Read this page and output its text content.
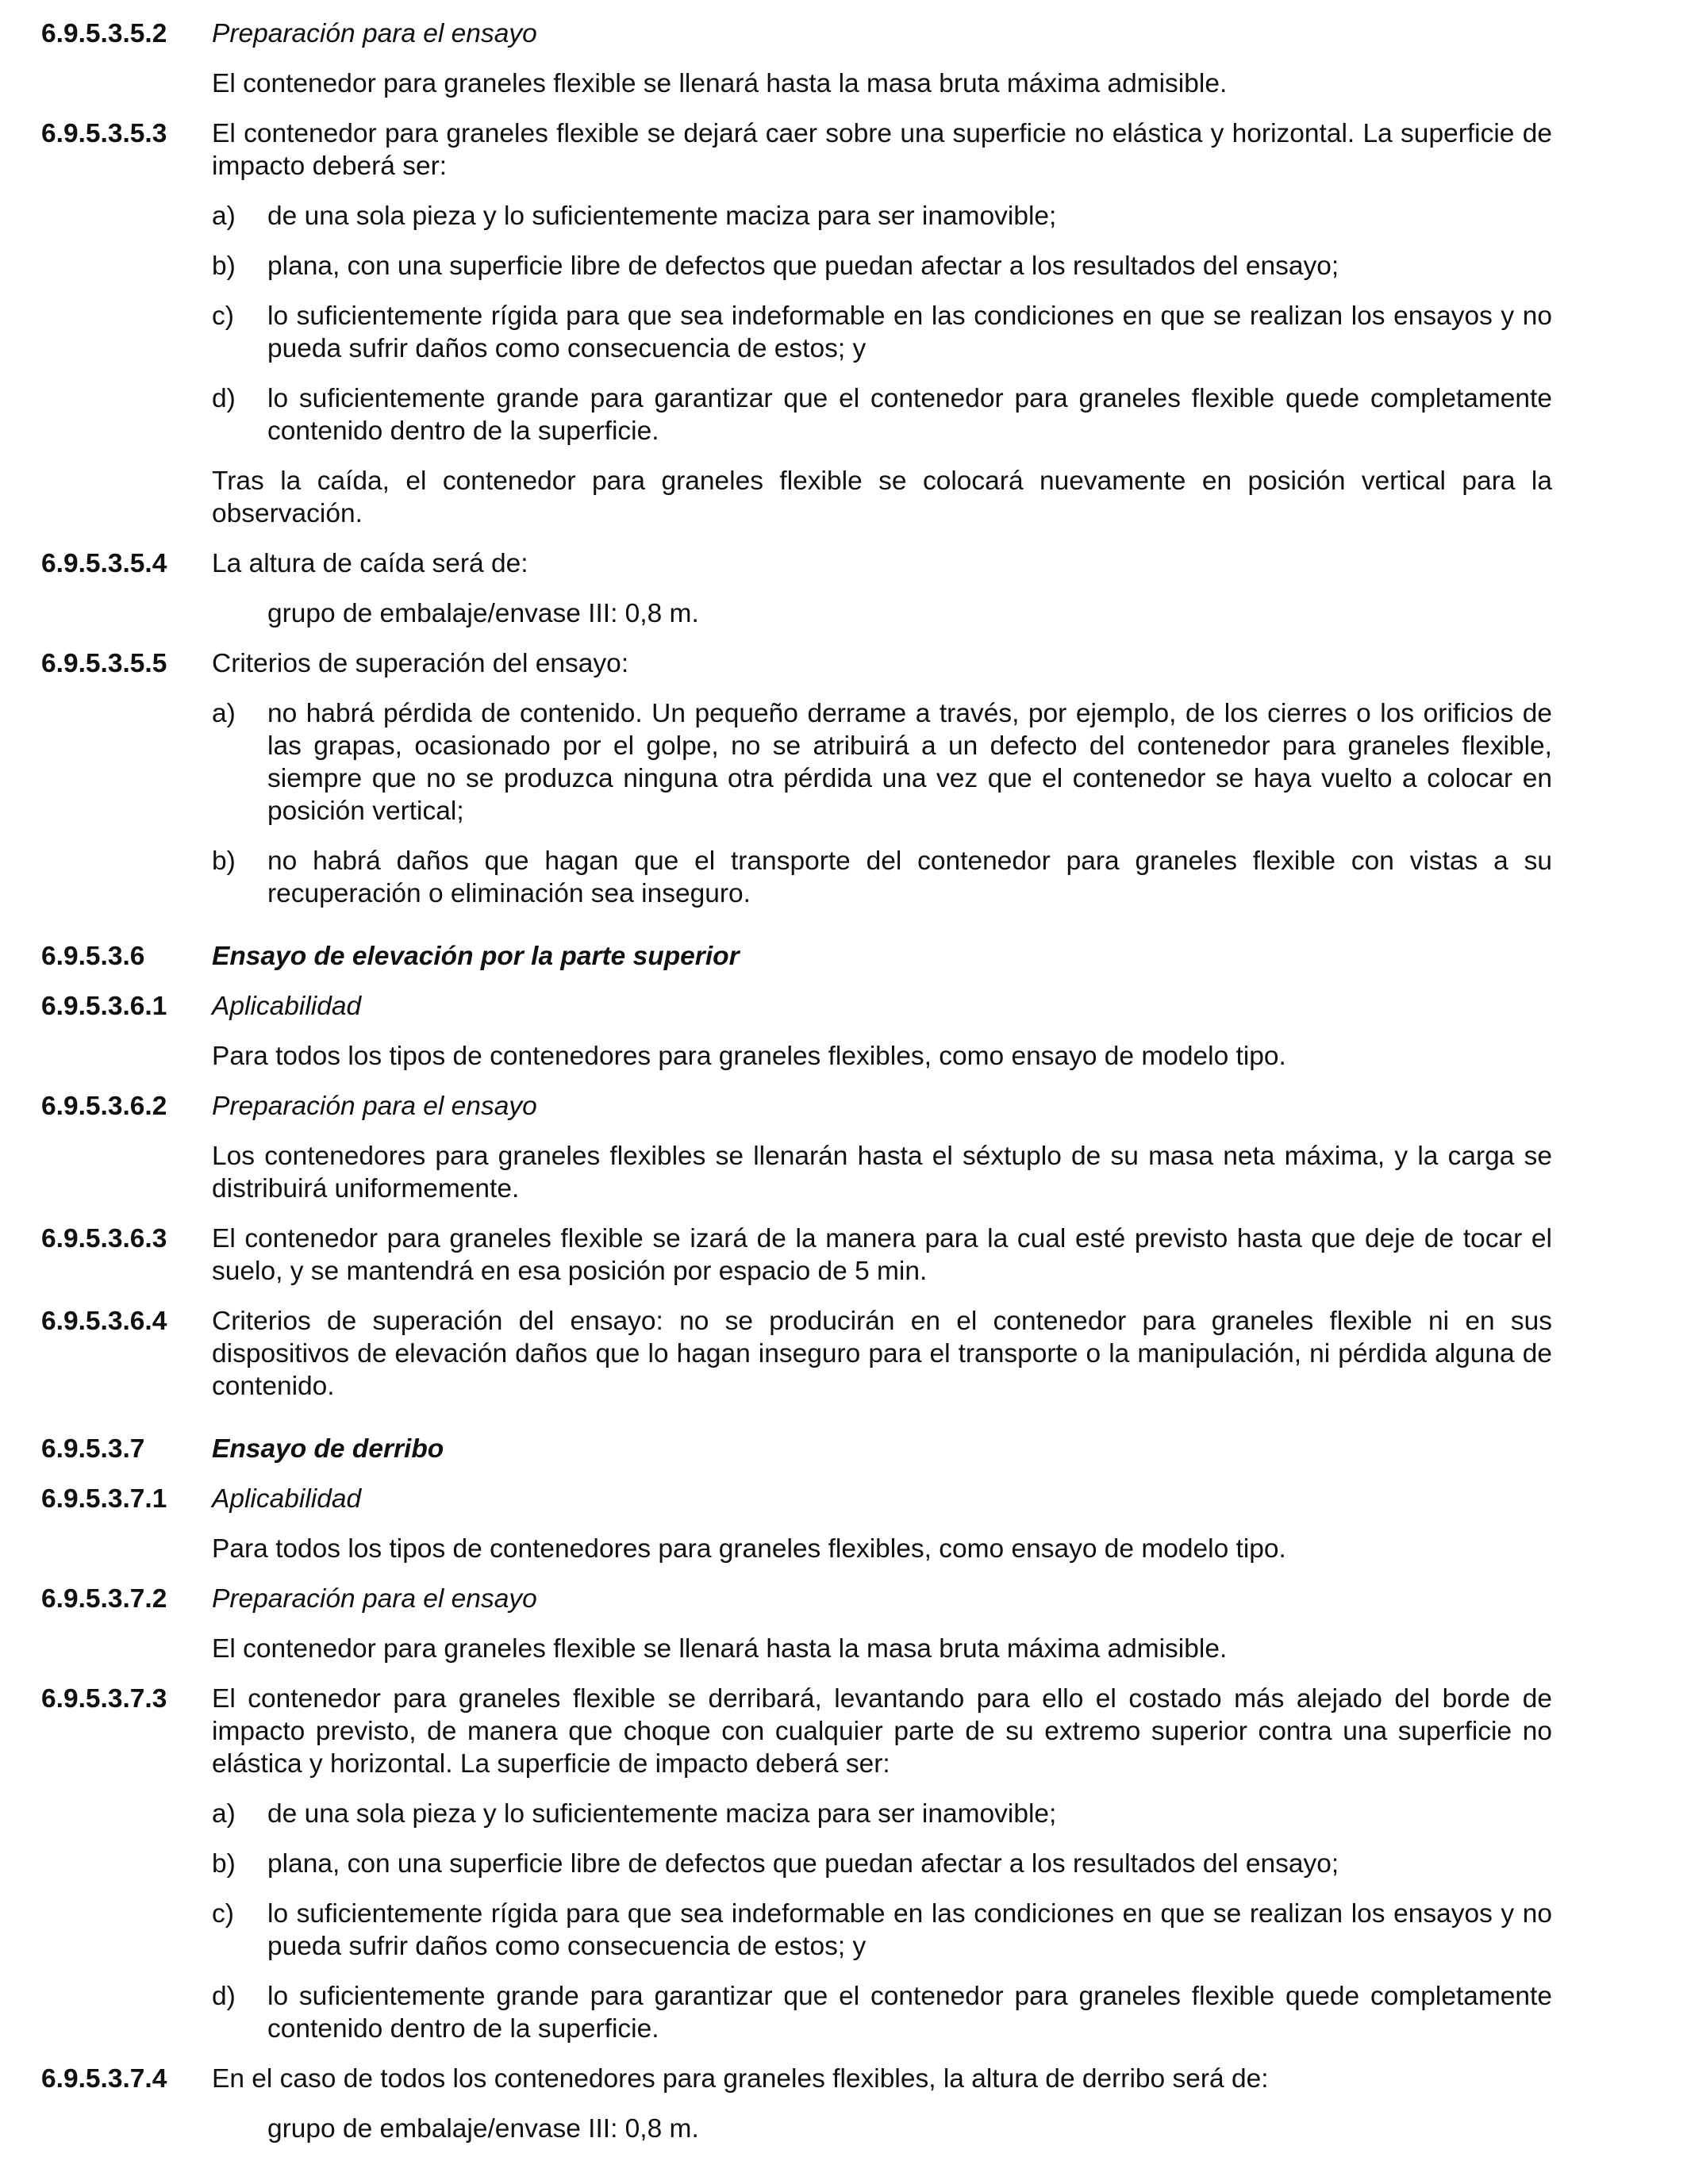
6.9.5.3.5.2	Preparación para el ensayo
El contenedor para graneles flexible se llenará hasta la masa bruta máxima admisible.
6.9.5.3.5.3	El contenedor para graneles flexible se dejará caer sobre una superficie no elástica y horizontal. La superficie de impacto deberá ser:
a)	de una sola pieza y lo suficientemente maciza para ser inamovible;
b)	plana, con una superficie libre de defectos que puedan afectar a los resultados del ensayo;
c)	lo suficientemente rígida para que sea indeformable en las condiciones en que se realizan los ensayos y no pueda sufrir daños como consecuencia de estos; y
d)	lo suficientemente grande para garantizar que el contenedor para graneles flexible quede completamente contenido dentro de la superficie.
Tras la caída, el contenedor para graneles flexible se colocará nuevamente en posición vertical para la observación.
6.9.5.3.5.4	La altura de caída será de:
grupo de embalaje/envase III: 0,8 m.
6.9.5.3.5.5	Criterios de superación del ensayo:
a)	no habrá pérdida de contenido. Un pequeño derrame a través, por ejemplo, de los cierres o los orificios de las grapas, ocasionado por el golpe, no se atribuirá a un defecto del contenedor para graneles flexible, siempre que no se produzca ninguna otra pérdida una vez que el contenedor se haya vuelto a colocar en posición vertical;
b)	no habrá daños que hagan que el transporte del contenedor para graneles flexible con vistas a su recuperación o eliminación sea inseguro.
6.9.5.3.6	Ensayo de elevación por la parte superior
6.9.5.3.6.1	Aplicabilidad
Para todos los tipos de contenedores para graneles flexibles, como ensayo de modelo tipo.
6.9.5.3.6.2	Preparación para el ensayo
Los contenedores para graneles flexibles se llenarán hasta el séxtuplo de su masa neta máxima, y la carga se distribuirá uniformemente.
6.9.5.3.6.3	El contenedor para graneles flexible se izará de la manera para la cual esté previsto hasta que deje de tocar el suelo, y se mantendrá en esa posición por espacio de 5 min.
6.9.5.3.6.4	Criterios de superación del ensayo: no se producirán en el contenedor para graneles flexible ni en sus dispositivos de elevación daños que lo hagan inseguro para el transporte o la manipulación, ni pérdida alguna de contenido.
6.9.5.3.7	Ensayo de derribo
6.9.5.3.7.1	Aplicabilidad
Para todos los tipos de contenedores para graneles flexibles, como ensayo de modelo tipo.
6.9.5.3.7.2	Preparación para el ensayo
El contenedor para graneles flexible se llenará hasta la masa bruta máxima admisible.
6.9.5.3.7.3	El contenedor para graneles flexible se derribará, levantando para ello el costado más alejado del borde de impacto previsto, de manera que choque con cualquier parte de su extremo superior contra una superficie no elástica y horizontal. La superficie de impacto deberá ser:
a)	de una sola pieza y lo suficientemente maciza para ser inamovible;
b)	plana, con una superficie libre de defectos que puedan afectar a los resultados del ensayo;
c)	lo suficientemente rígida para que sea indeformable en las condiciones en que se realizan los ensayos y no pueda sufrir daños como consecuencia de estos; y
d)	lo suficientemente grande para garantizar que el contenedor para graneles flexible quede completamente contenido dentro de la superficie.
6.9.5.3.7.4	En el caso de todos los contenedores para graneles flexibles, la altura de derribo será de:
grupo de embalaje/envase III: 0,8 m.
